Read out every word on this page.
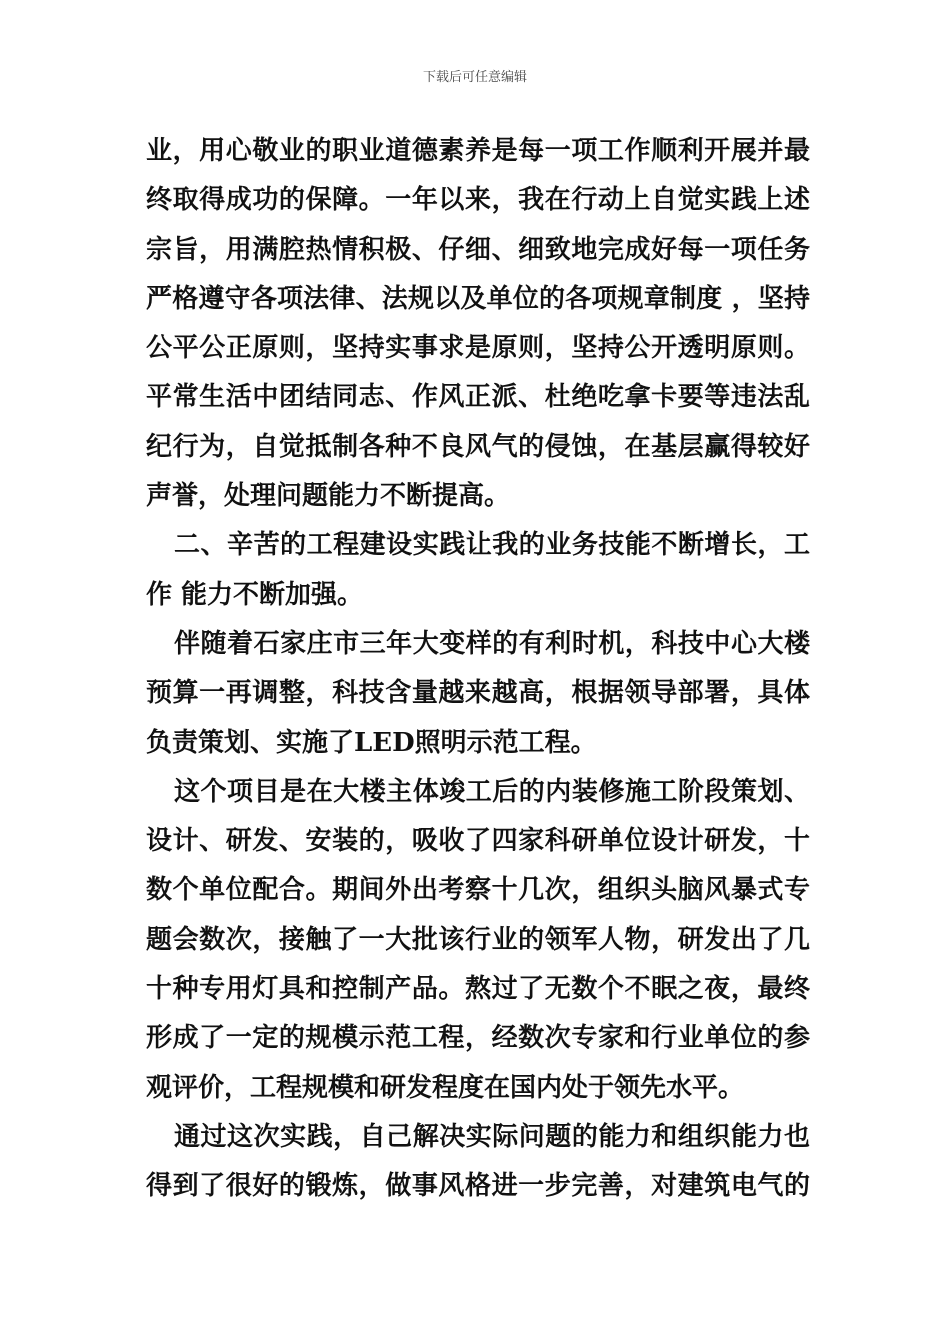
下载后可任意编辑

业，用心敬业的职业道德素养是每一项工作顺利开展并最
终取得成功的保障。一年以来，我在行动上自觉实践上述
宗旨，用满腔热情积极、仔细、细致地完成好每一项任务
严格遵守各项法律、法规以及单位的各项规章制度 ，坚持
公平公正原则，坚持实事求是原则，坚持公开透明原则。
平常生活中团结同志、作风正派、杜绝吃拿卡要等违法乱
纪行为，自觉抵制各种不良风气的侵蚀，在基层赢得较好
声誉，处理问题能力不断提高。

二、辛苦的工程建设实践让我的业务技能不断增长，工
作 能力不断加强。

伴随着石家庄市三年大变样的有利时机，科技中心大楼
预算一再调整，科技含量越来越高，根据领导部署，具体
负责策划、实施了LED照明示范工程。

这个项目是在大楼主体竣工后的内装修施工阶段策划、
设计、研发、安装的，吸收了四家科研单位设计研发，十
数个单位配合。期间外出考察十几次，组织头脑风暴式专
题会数次，接触了一大批该行业的领军人物，研发出了几
十种专用灯具和控制产品。熬过了无数个不眠之夜，最终
形成了一定的规模示范工程，经数次专家和行业单位的参
观评价，工程规模和研发程度在国内处于领先水平。

通过这次实践，自己解决实际问题的能力和组织能力也
得到了很好的锻炼，做事风格进一步完善，对建筑电气的
